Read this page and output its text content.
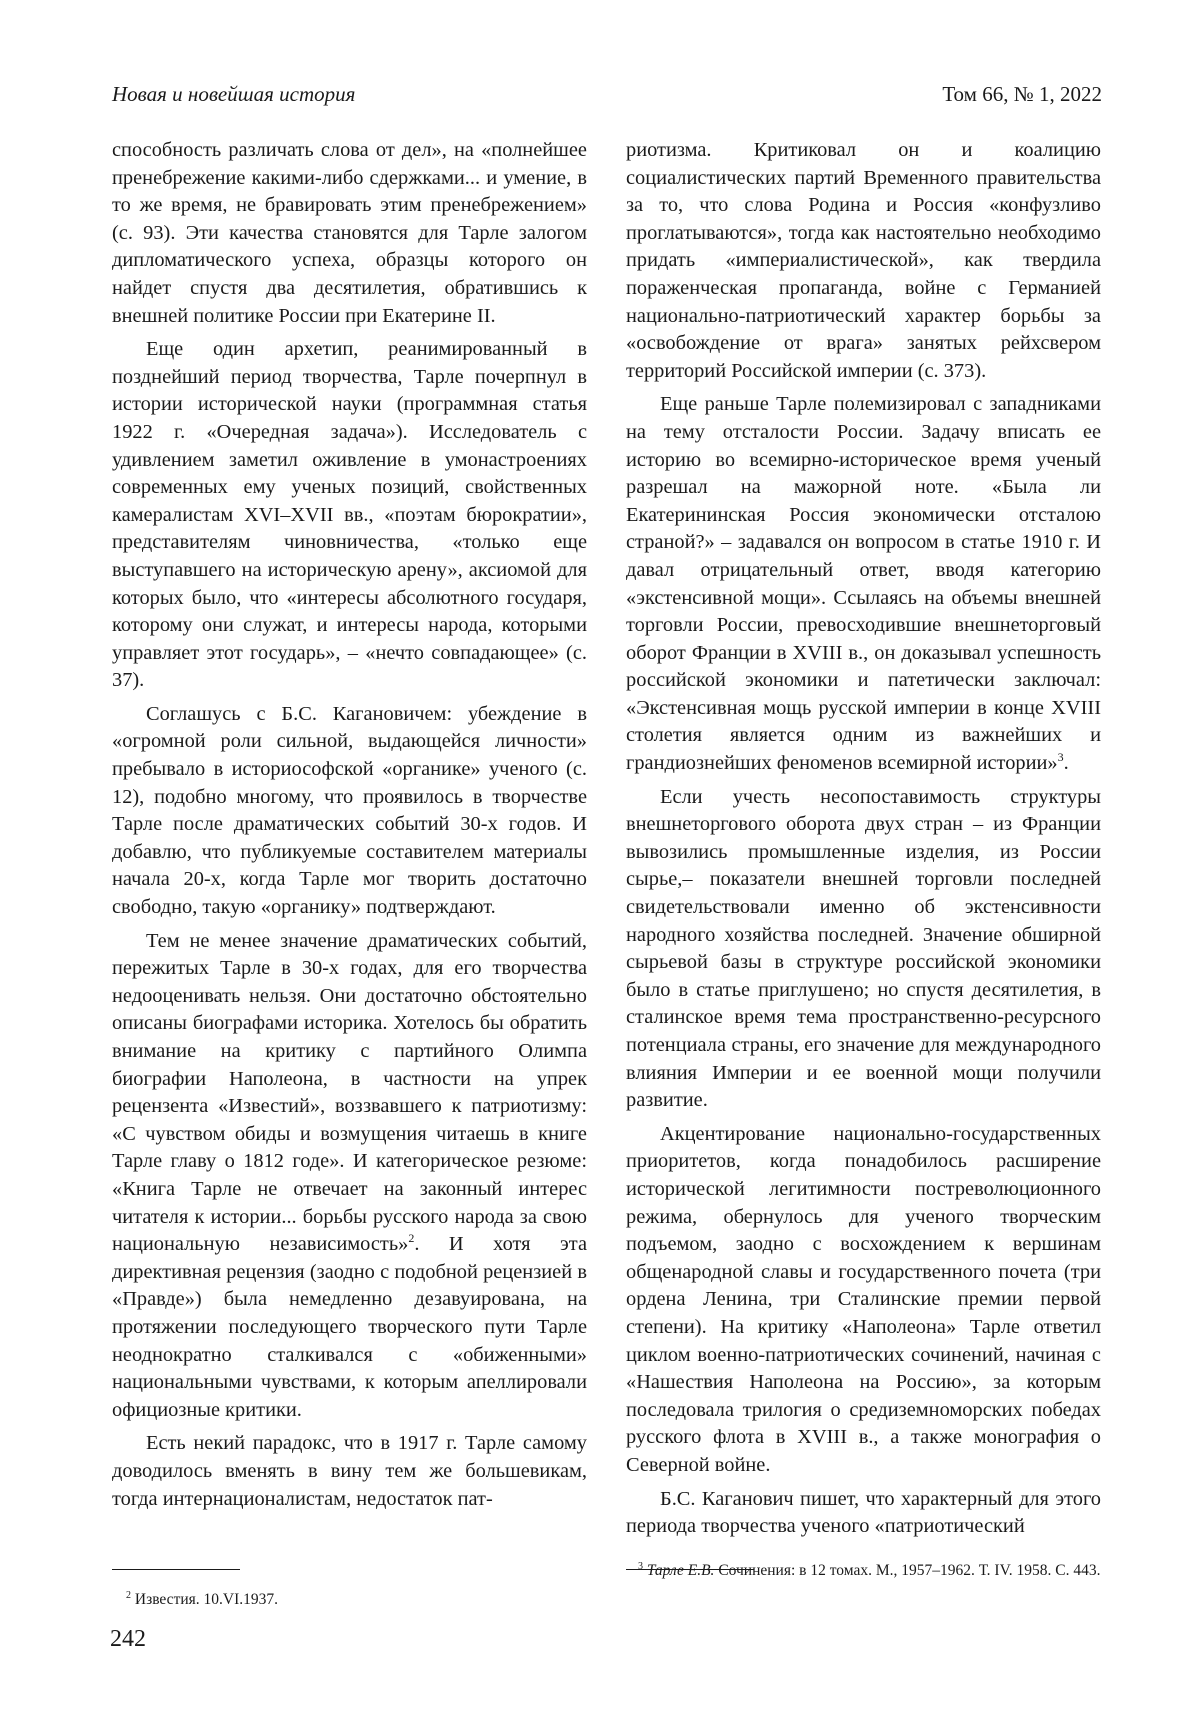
Новая и новейшая история	Том 66, № 1, 2022

способность различать слова от дел», на «полнейшее пренебрежение какими-либо сдержками... и умение, в то же время, не бравировать этим пренебрежением» (с. 93). Эти качества становятся для Тарле залогом дипломатического успеха, образцы которого он найдет спустя два десятилетия, обратившись к внешней политике России при Екатерине II.

Еще один архетип, реанимированный в позднейший период творчества, Тарле почерпнул в истории исторической науки (программная статья 1922 г. «Очередная задача»). Исследователь с удивлением заметил оживление в умонастроениях современных ему ученых позиций, свойственных камералистам XVI–XVII вв., «поэтам бюрократии», представителям чиновничества, «только еще выступавшего на историческую арену», аксиомой для которых было, что «интересы абсолютного государя, которому они служат, и интересы народа, которыми управляет этот государь», – «нечто совпадающее» (с. 37).

Соглашусь с Б.С. Кагановичем: убеждение в «огромной роли сильной, выдающейся личности» пребывало в историософской «органике» ученого (с. 12), подобно многому, что проявилось в творчестве Тарле после драматических событий 30-х годов. И добавлю, что публикуемые составителем материалы начала 20-х, когда Тарле мог творить достаточно свободно, такую «органику» подтверждают.

Тем не менее значение драматических событий, пережитых Тарле в 30-х годах, для его творчества недооценивать нельзя. Они достаточно обстоятельно описаны биографами историка. Хотелось бы обратить внимание на критику с партийного Олимпа биографии Наполеона, в частности на упрек рецензента «Известий», воззвавшего к патриотизму: «С чувством обиды и возмущения читаешь в книге Тарле главу о 1812 годе». И категорическое резюме: «Книга Тарле не отвечает на законный интерес читателя к истории... борьбы русского народа за свою национальную независимость»$^2$. И хотя эта директивная рецензия (заодно с подобной рецензией в «Правде») была немедленно дезавуирована, на протяжении последующего творческого пути Тарле неоднократно сталкивался с «обиженными» национальными чувствами, к которым апеллировали официозные критики.

Есть некий парадокс, что в 1917 г. Тарле самому доводилось вменять в вину тем же большевикам, тогда интернационалистам, недостаток пат-

риотизма. Критиковал он и коалицию социалистических партий Временного правительства за то, что слова Родина и Россия «конфузливо проглатываются», тогда как настоятельно необходимо придать «империалистической», как твердила пораженческая пропаганда, войне с Германией национально-патриотический характер борьбы за «освобождение от врага» занятых рейхсвером территорий Российской империи (с. 373).

Еще раньше Тарле полемизировал с западниками на тему отсталости России. Задачу вписать ее историю во всемирно-историческое время ученый разрешал на мажорной ноте. «Была ли Екатерининская Россия экономически отсталою страной?» – задавался он вопросом в статье 1910 г. И давал отрицательный ответ, вводя категорию «экстенсивной мощи». Ссылаясь на объемы внешней торговли России, превосходившие внешнеторговый оборот Франции в XVIII в., он доказывал успешность российской экономики и патетически заключал: «Экстенсивная мощь русской империи в конце XVIII столетия является одним из важнейших и грандиознейших феноменов всемирной истории»$^3$.

Если учесть несопоставимость структуры внешнеторгового оборота двух стран – из Франции вывозились промышленные изделия, из России сырье,– показатели внешней торговли последней свидетельствовали именно об экстенсивности народного хозяйства последней. Значение обширной сырьевой базы в структуре российской экономики было в статье приглушено; но спустя десятилетия, в сталинское время тема пространственно-ресурсного потенциала страны, его значение для международного влияния Империи и ее военной мощи получили развитие.

Акцентирование национально-государственных приоритетов, когда понадобилось расширение исторической легитимности постреволюционного режима, обернулось для ученого творческим подъемом, заодно с восхождением к вершинам общенародной славы и государственного почета (три ордена Ленина, три Сталинские премии первой степени). На критику «Наполеона» Тарле ответил циклом военно-патриотических сочинений, начиная с «Нашествия Наполеона на Россию», за которым последовала трилогия о средиземноморских победах русского флота в XVIII в., а также монография о Северной войне.

Б.С. Каганович пишет, что характерный для этого периода творчества ученого «патриотический

$^2$ Известия. 10.VI.1937.
$^3$ Тарле Е.В. Сочинения: в 12 томах. М., 1957–1962. Т. IV. 1958. С. 443.
242
